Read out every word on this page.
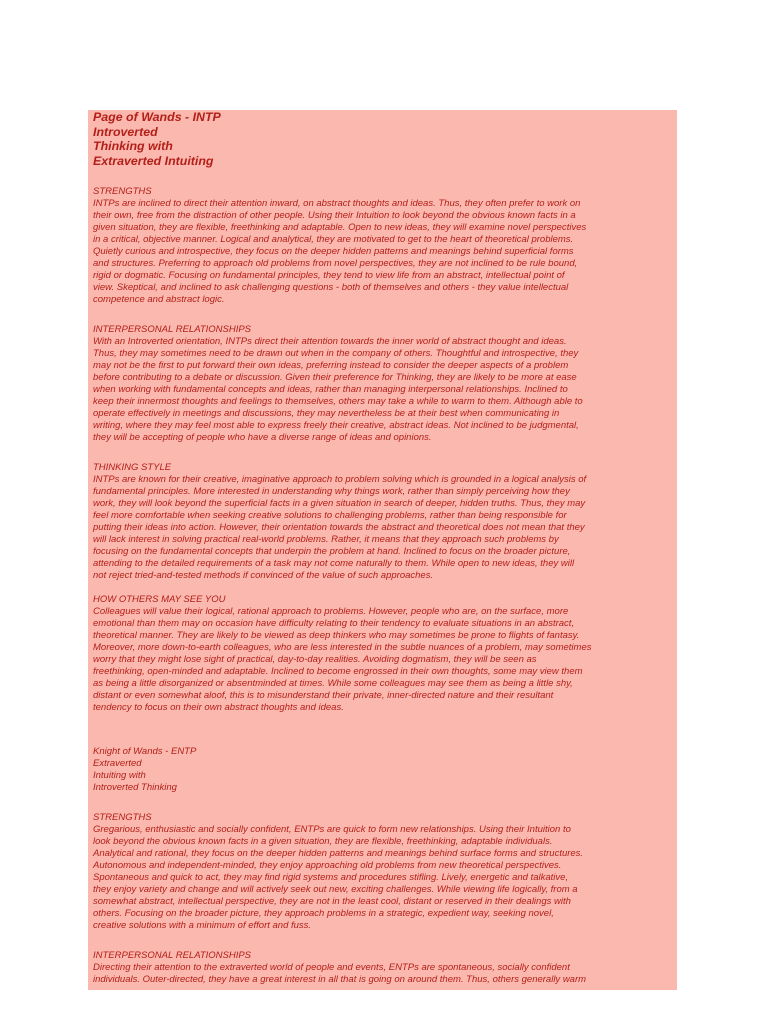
Page of Wands - INTP
Introverted
Thinking with
Extraverted Intuiting
STRENGTHS
INTPs are inclined to direct their attention inward, on abstract thoughts and ideas. Thus, they often prefer to work on
their own, free from the distraction of other people. Using their Intuition to look beyond the obvious known facts in a
given situation, they are flexible, freethinking and adaptable. Open to new ideas, they will examine novel perspectives
in a critical, objective manner. Logical and analytical, they are motivated to get to the heart of theoretical problems.
Quietly curious and introspective, they focus on the deeper hidden patterns and meanings behind superficial forms
and structures. Preferring to approach old problems from novel perspectives, they are not inclined to be rule bound,
rigid or dogmatic. Focusing on fundamental principles, they tend to view life from an abstract, intellectual point of
view. Skeptical, and inclined to ask challenging questions - both of themselves and others - they value intellectual
competence and abstract logic.
INTERPERSONAL RELATIONSHIPS
With an Introverted orientation, INTPs direct their attention towards the inner world of abstract thought and ideas.
Thus, they may sometimes need to be drawn out when in the company of others. Thoughtful and introspective, they
may not be the first to put forward their own ideas, preferring instead to consider the deeper aspects of a problem
before contributing to a debate or discussion. Given their preference for Thinking, they are likely to be more at ease
when working with fundamental concepts and ideas, rather than managing interpersonal relationships. Inclined to
keep their innermost thoughts and feelings to themselves, others may take a while to warm to them. Although able to
operate effectively in meetings and discussions, they may nevertheless be at their best when communicating in
writing, where they may feel most able to express freely their creative, abstract ideas. Not inclined to be judgmental,
they will be accepting of people who have a diverse range of ideas and opinions.
THINKING STYLE
INTPs are known for their creative, imaginative approach to problem solving which is grounded in a logical analysis of
fundamental principles. More interested in understanding why things work, rather than simply perceiving how they
work, they will look beyond the superficial facts in a given situation in search of deeper, hidden truths. Thus, they may
feel more comfortable when seeking creative solutions to challenging problems, rather than being responsible for
putting their ideas into action. However, their orientation towards the abstract and theoretical does not mean that they
will lack interest in solving practical real-world problems. Rather, it means that they approach such problems by
focusing on the fundamental concepts that underpin the problem at hand. Inclined to focus on the broader picture,
attending to the detailed requirements of a task may not come naturally to them. While open to new ideas, they will
not reject tried-and-tested methods if convinced of the value of such approaches.
HOW OTHERS MAY SEE YOU
Colleagues will value their logical, rational approach to problems. However, people who are, on the surface, more
emotional than them may on occasion have difficulty relating to their tendency to evaluate situations in an abstract,
theoretical manner. They are likely to be viewed as deep thinkers who may sometimes be prone to flights of fantasy.
Moreover, more down-to-earth colleagues, who are less interested in the subtle nuances of a problem, may sometimes
worry that they might lose sight of practical, day-to-day realities. Avoiding dogmatism, they will be seen as
freethinking, open-minded and adaptable. Inclined to become engrossed in their own thoughts, some may view them
as being a little disorganized or absentminded at times. While some colleagues may see them as being a little shy,
distant or even somewhat aloof, this is to misunderstand their private, inner-directed nature and their resultant
tendency to focus on their own abstract thoughts and ideas.
Knight of Wands - ENTP
Extraverted
Intuiting with
Introverted Thinking
STRENGTHS
Gregarious, enthusiastic and socially confident, ENTPs are quick to form new relationships. Using their Intuition to
look beyond the obvious known facts in a given situation, they are flexible, freethinking, adaptable individuals.
Analytical and rational, they focus on the deeper hidden patterns and meanings behind surface forms and structures.
Autonomous and independent-minded, they enjoy approaching old problems from new theoretical perspectives.
Spontaneous and quick to act, they may find rigid systems and procedures stifling. Lively, energetic and talkative,
they enjoy variety and change and will actively seek out new, exciting challenges. While viewing life logically, from a
somewhat abstract, intellectual perspective, they are not in the least cool, distant or reserved in their dealings with
others. Focusing on the broader picture, they approach problems in a strategic, expedient way, seeking novel,
creative solutions with a minimum of effort and fuss.
INTERPERSONAL RELATIONSHIPS
Directing their attention to the extraverted world of people and events, ENTPs are spontaneous, socially confident
individuals. Outer-directed, they have a great interest in all that is going on around them. Thus, others generally warm
